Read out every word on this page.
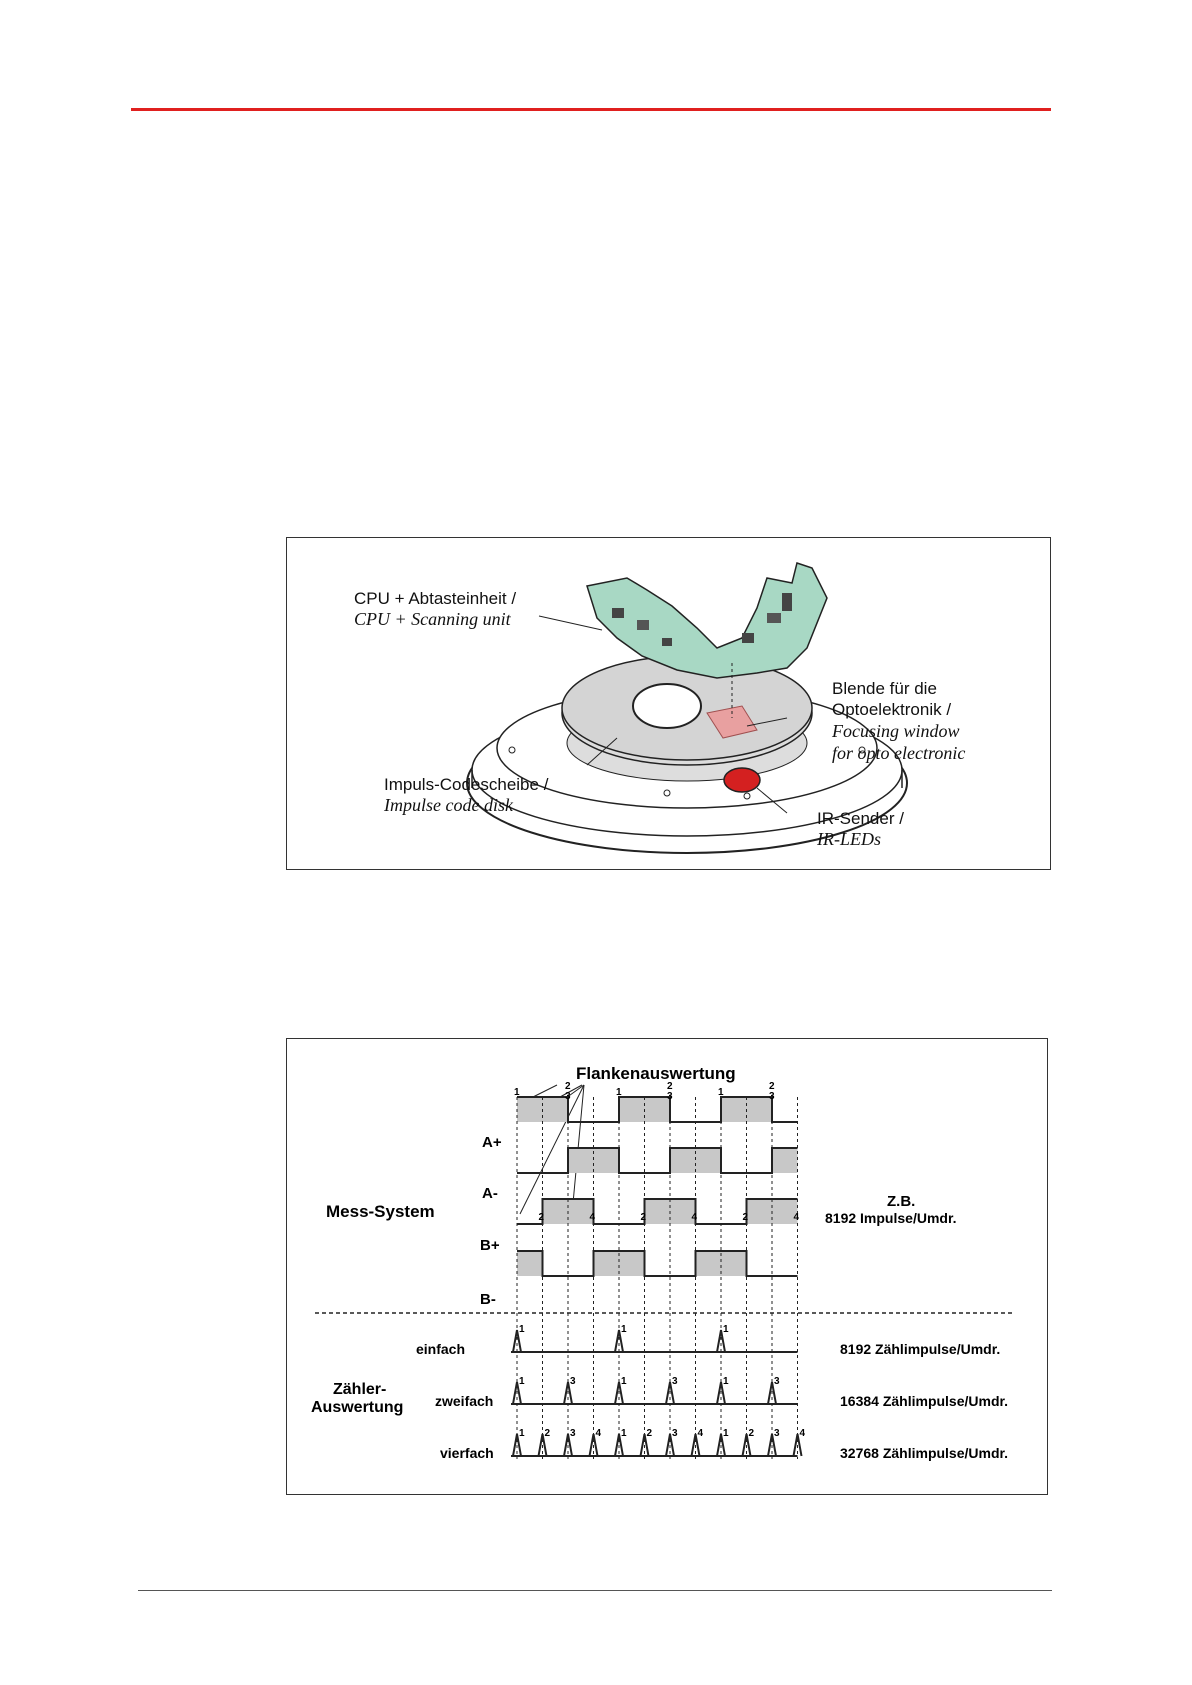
CPU + Abtasteinheit /
CPU + Scanning unit
Blende für die
Optoelektronik /
Focusing window
for opto electronic
Impuls-Codescheibe /
Impulse code disk
IR-Sender /
IR-LEDs
Flankenauswertung
Mess-System
A+
A-
B+
B-
Z.B.
8192 Impulse/Umdr.
Zähler-
Auswertung
einfach
zweifach
vierfach
8192 Zählimpulse/Umdr.
16384 Zählimpulse/Umdr.
32768 Zählimpulse/Umdr.
1
2
3
2	4
1
2
3
2	4
1
2
3
2	4
1	1	1
1	3	1	3	1	3
1 2 3 4 1 2 3 4 1 2 3 4
